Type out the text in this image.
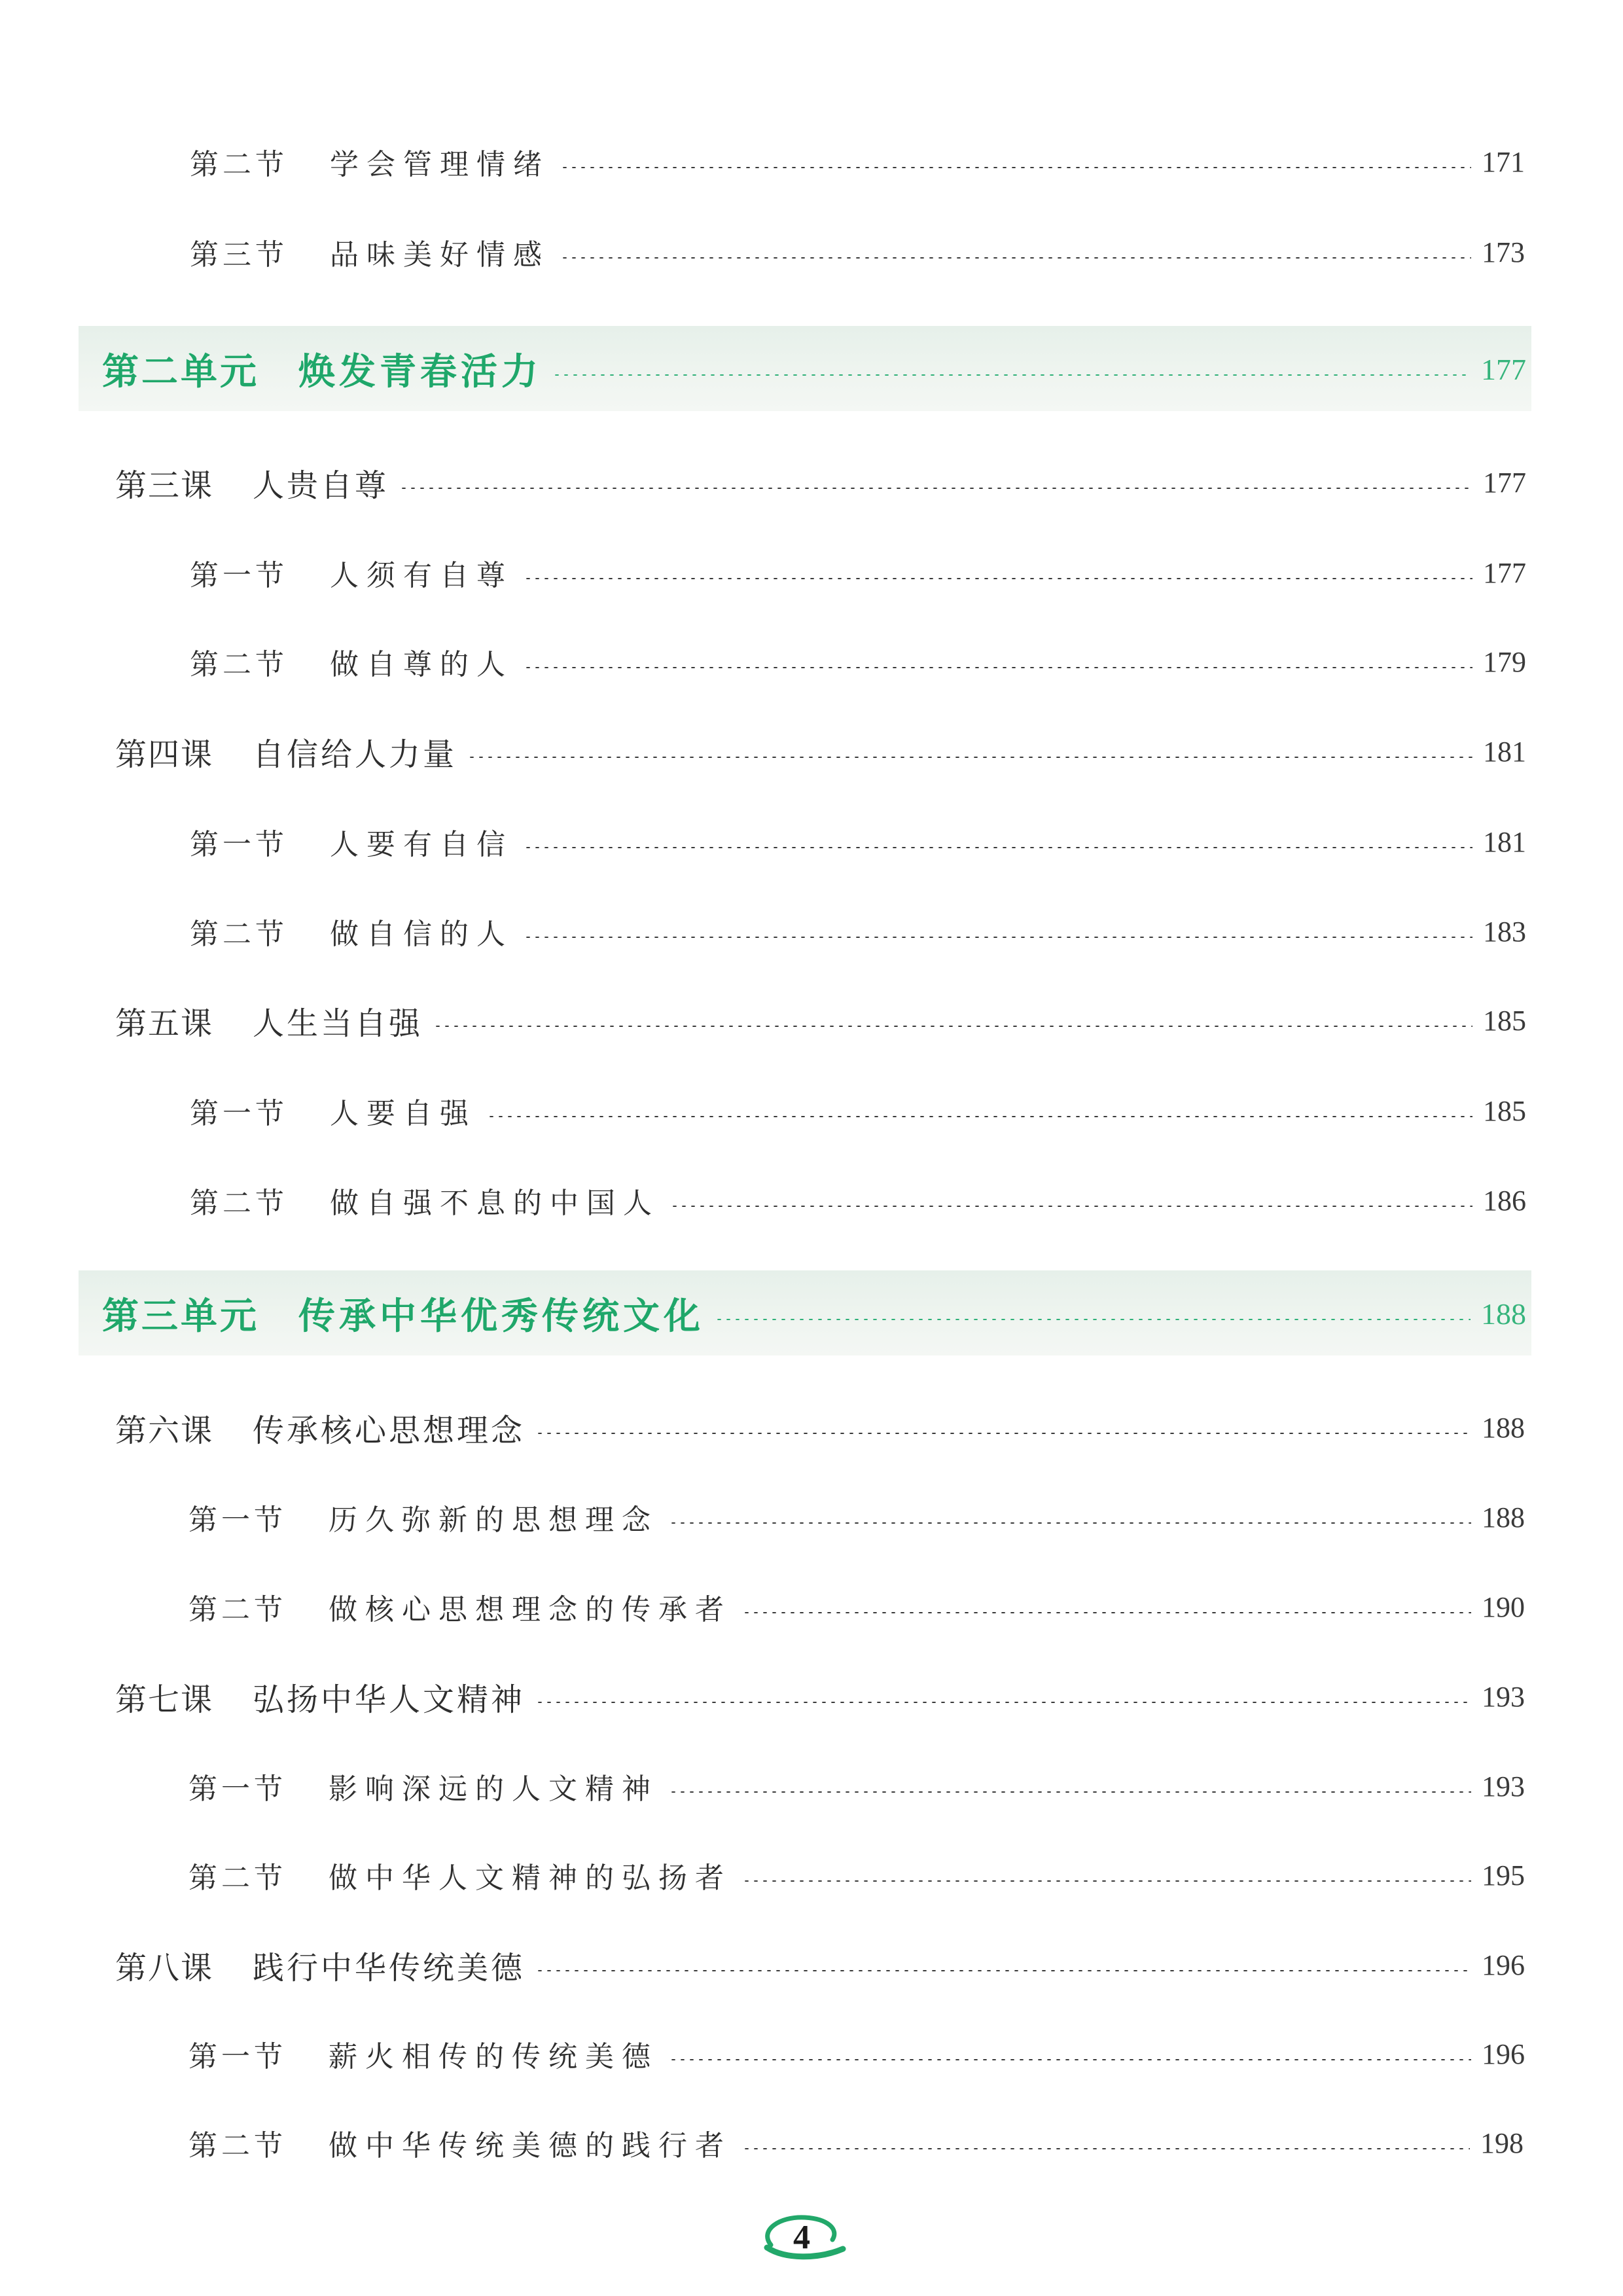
第二节 学会管理情绪	171
第三节 品味美好情感	173
第二单元 焕发青春活力	177
第三课 人贵自尊	177
第一节 人须有自尊	177
第二节 做自尊的人	179
第四课 自信给人力量	181
第一节 人要有自信	181
第二节 做自信的人	183
第五课 人生当自强	185
第一节 人要自强	185
第二节 做自强不息的中国人	186
第三单元 传承中华优秀传统文化	188
第六课 传承核心思想理念	188
第一节 历久弥新的思想理念	188
第二节 做核心思想理念的传承者	190
第七课 弘扬中华人文精神	193
第一节 影响深远的人文精神	193
第二节 做中华人文精神的弘扬者	195
第八课 践行中华传统美德	196
第一节 薪火相传的传统美德	196
第二节 做中华传统美德的践行者	198
4
